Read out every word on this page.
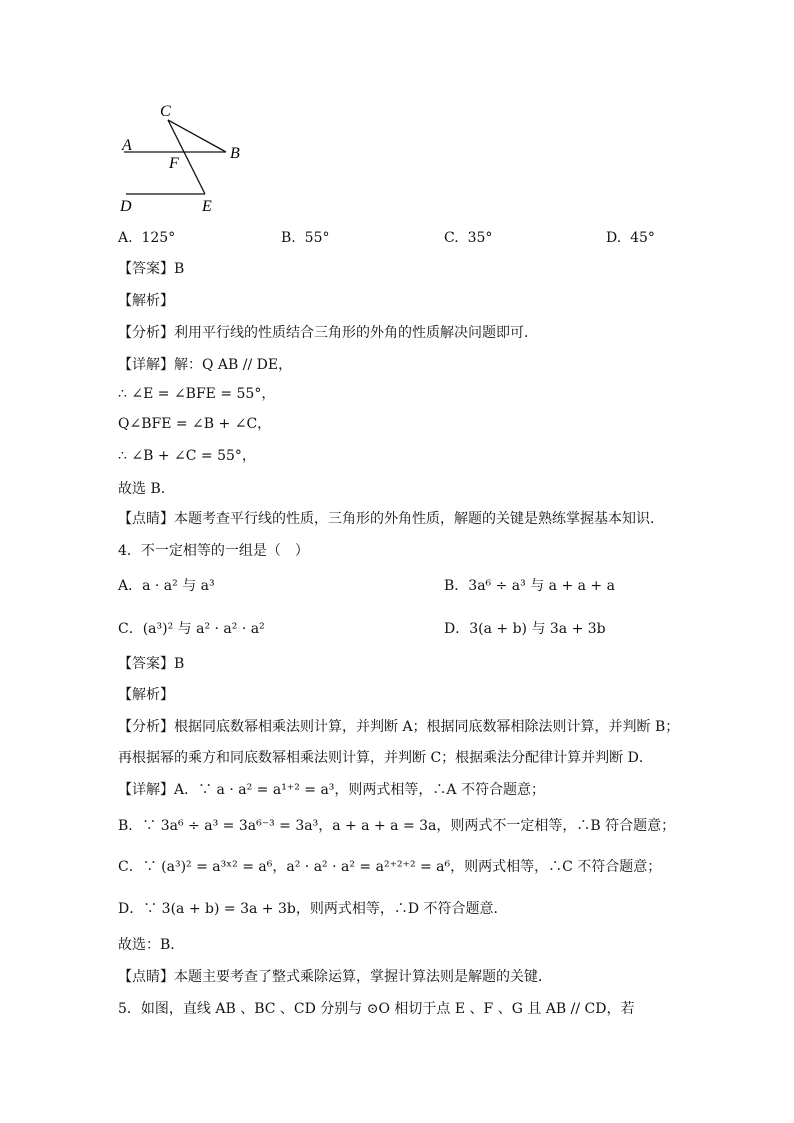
C
A
F
B
D	E
A. 125°	B. 55°	C. 35°	D. 45°
【答案】B
【解析】
【分析】利用平行线的性质结合三角形的外角的性质解决问题即可．
【详解】解：Q AB // DE，
∴ ∠E = ∠BFE = 55°，
Q∠BFE = ∠B + ∠C，
∴ ∠B + ∠C = 55°，
故选 B．
【点睛】本题考查平行线的性质，三角形的外角性质，解题的关键是熟练掌握基本知识．
4．不一定相等的一组是（　）
A．a · a² 与 a³	B．3a⁶ ÷ a³ 与 a + a + a
C．(a³)² 与 a² · a² · a²	D．3(a + b) 与 3a + 3b
【答案】B
【解析】
【分析】根据同底数幂相乘法则计算，并判断 A；根据同底数幂相除法则计算，并判断 B；
再根据幂的乘方和同底数幂相乘法则计算，并判断 C；根据乘法分配律计算并判断 D．
【详解】A．∵ a · a² = a¹⁺² = a³，则两式相等，∴A 不符合题意；
B．∵ 3a⁶ ÷ a³ = 3a⁶⁻³ = 3a³，a + a + a = 3a，则两式不一定相等，∴B 符合题意；
C．∵ (a³)² = a³ˣ² = a⁶，a² · a² · a² = a²⁺²⁺² = a⁶，则两式相等，∴C 不符合题意；
D．∵ 3(a + b) = 3a + 3b，则两式相等，∴D 不符合题意．
故选：B．
【点睛】本题主要考查了整式乘除运算，掌握计算法则是解题的关键．
5．如图，直线 AB 、BC 、CD 分别与 ⊙O 相切于点 E 、F 、G 且 AB // CD，若
